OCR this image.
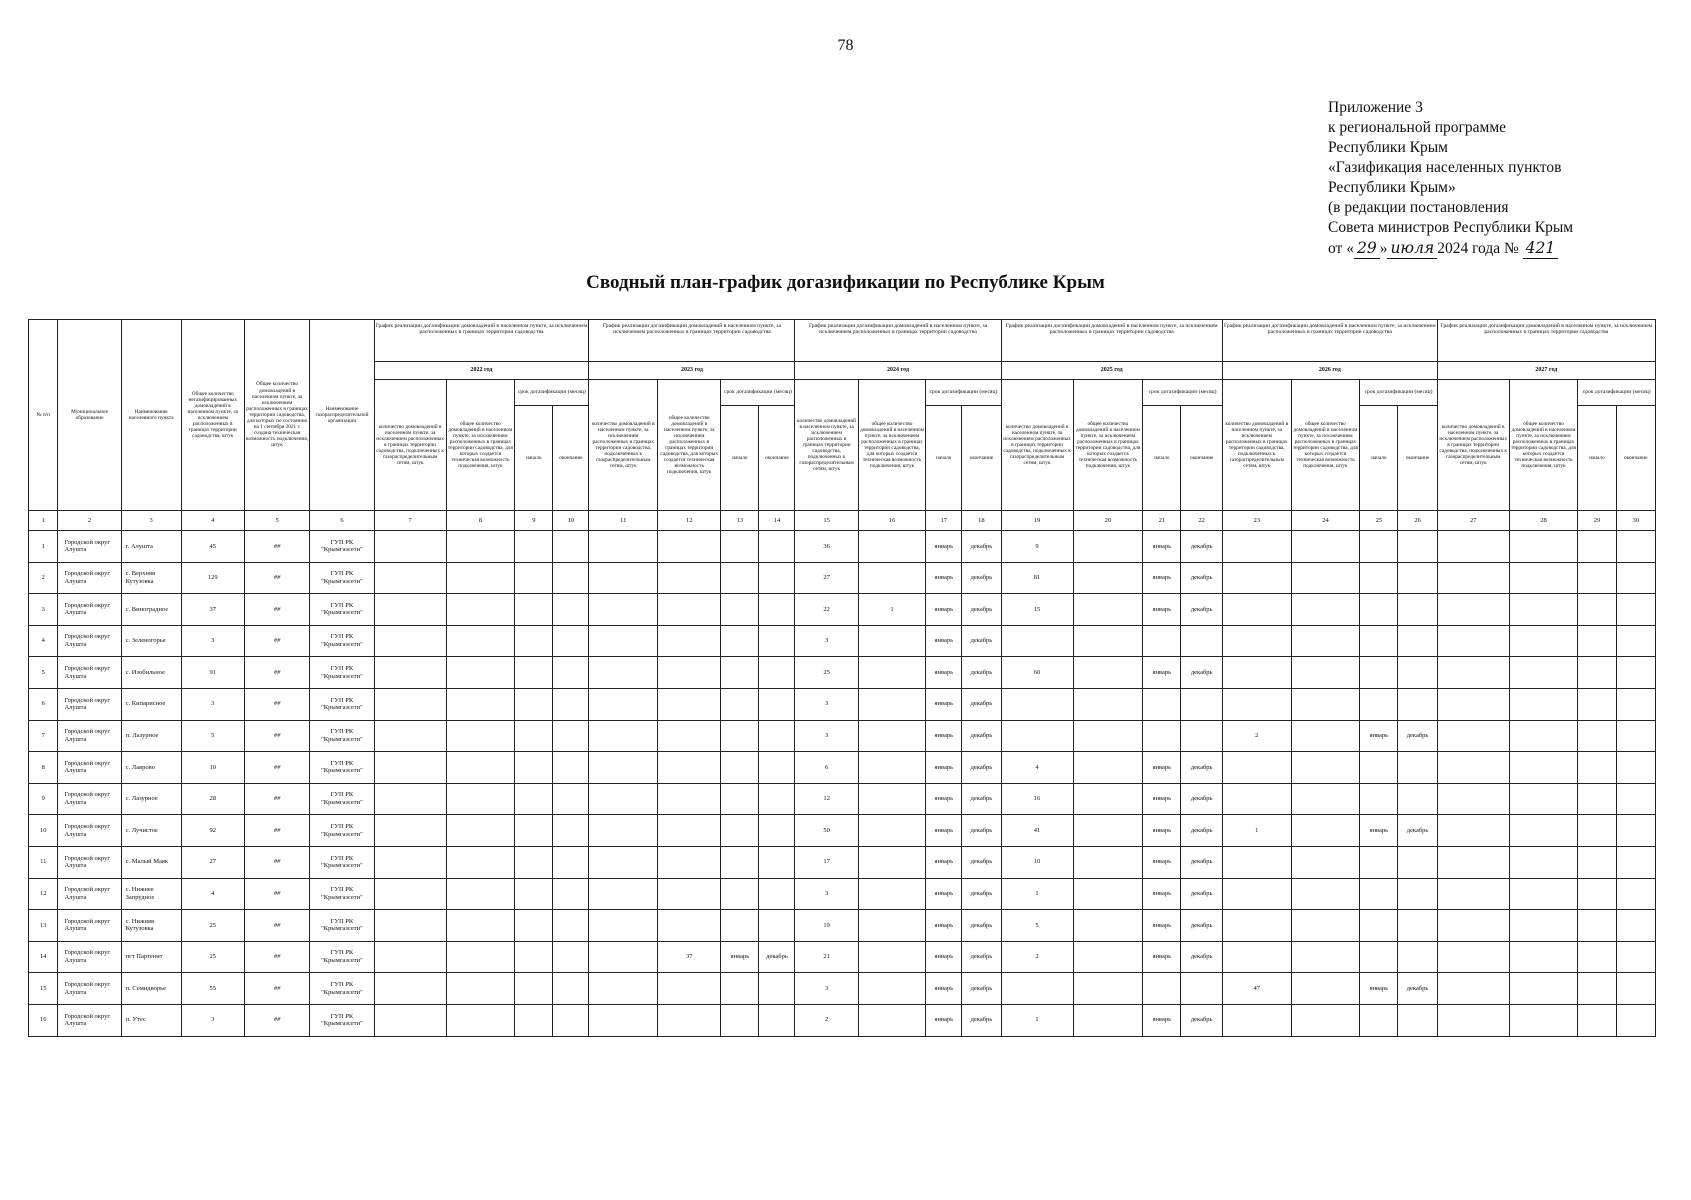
78
Приложение 3
к региональной программе
Республики Крым
«Газификация населенных пунктов
Республики Крым»
(в редакции постановления
Совета министров Республики Крым
от « 29 » июля 2024 года № 421
Сводный план-график догазификации по Республике Крым
№ п/п	Муниципальное образование	Наименование населенного пункта	Общее количество негазифицированных домовладений в населенном пункте, за исключением расположенных в границах территории садоводства, штук	Общее количество домовладений в населенном пункте, за исключением расположенных в границах территории садоводства, для которых по состоянию на 1 сентября 2021 г. создана техническая возможность подключения, штук	Наименование газораспределительной организации	График реализации догазификации домовладений в населенном пункте, за исключением расположенных в границах территории садоводства				График реализации догазификации домовладений в населенном пункте, за исключением расположенных в границах территории садоводства				График реализации догазификации домовладений в населенном пункте, за исключением расположенных в границах территории садоводства				График реализации догазификации домовладений в населенном пункте, за исключением расположенных в границах территории садоводства				График реализации догазификации домовладений в населенном пункте, за исключением расположенных в границах территории садоводства				График реализации догазификации домовладений в населенном пункте, за исключением расположенных в границах территории садоводства			
						2022 год				2023 год				2024 год				2025 год				2026 год				2027 год			
						количество домовладений в населенном пункте, за исключением расположенных в границах территории садоводства, подключенных к газораспределительным сетям, штук	общее количество домовладений в населенном пункте, за исключением расположенных в границах территории садоводства, для которых создается техническая возможность подключения, штук	срок догазификации (месяц)		количество домовладений в населенном пункте, за исключением расположенных в границах территории садоводства, подключенных к газораспределительным сетям, штук	общее количество домовладений в населенном пункте, за исключением расположенных в границах территории садоводства, для которых создается техническая возможность подключения, штук	срок догазификации (месяц)		количество домовладений в населенном пункте, за исключением расположенных в границах территории садоводства, подключенных к газораспределительным сетям, штук	общее количество домовладений в населенном пункте, за исключением расположенных в границах территории садоводства, для которых создается техническая возможность подключения, штук	срок догазификации (месяц)		количество домовладений в населенном пункте, за исключением расположенных в границах территории садоводства, подключенных к газораспределительным сетям, штук	общее количество домовладений в населенном пункте, за исключением расположенных в границах территории садоводства, для которых создается техническая возможность подключения, штук	срок догазификации (месяц)		количество домовладений в населенном пункте, за исключением расположенных в границах территории садоводства, подключенных к газораспределительным сетям, штук	общее количество домовладений в населенном пункте, за исключением расположенных в границах территории садоводства, для которых создается техническая возможность подключения, штук	срок догазификации (месяц)		количество домовладений в населенном пункте, за исключением расположенных в границах территории садоводства, подключенных к газораспределительным сетям, штук	общее количество домовладений в населенном пункте, за исключением расположенных в границах территории садоводства, для которых создается техническая возможность подключения, штук	срок догазификации (месяц)	
								начало	окончание			начало	окончание			начало	окончание			начало	окончание			начало	окончание			начало	окончание
1	2	3	4	5	6	7	8	9	10	11	12	13	14	15	16	17	18	19	20	21	22	23	24	25	26	27	28	29	30
1	Городской округ Алушта	г. Алушта	45	##	ГУП РК "Крымгазсети"									36		январь	декабрь	9		январь	декабрь								
2	Городской округ Алушта	с. Верхняя Кутузовка	129	##	ГУП РК "Крымгазсети"									27		январь	декабрь	81		январь	декабрь								
3	Городской округ Алушта	с. Виноградное	37	##	ГУП РК "Крымгазсети"									22	1	январь	декабрь	15		январь	декабрь								
4	Городской округ Алушта	с. Зеленогорье	3	##	ГУП РК "Крымгазсети"									3		январь	декабрь												
5	Городской округ Алушта	с. Изобильное	91	##	ГУП РК "Крымгазсети"									25		январь	декабрь	60		январь	декабрь								
6	Городской округ Алушта	с. Кипарисное	3	##	ГУП РК "Крымгазсети"									3		январь	декабрь												
7	Городской округ Алушта	п. Лазурное	5	##	ГУП РК "Крымгазсети"									3		январь	декабрь					2		январь	декабрь				
8	Городской округ Алушта	с. Лаврово	10	##	ГУП РК "Крымгазсети"									6		январь	декабрь	4		январь	декабрь								
9	Городской округ Алушта	с. Лазурное	28	##	ГУП РК "Крымгазсети"									12		январь	декабрь	16		январь	декабрь								
10	Городской округ Алушта	с. Лучистое	92	##	ГУП РК "Крымгазсети"									50		январь	декабрь	41		январь	декабрь	1		январь	декабрь				
11	Городской округ Алушта	с. Малый Маяк	27	##	ГУП РК "Крымгазсети"									17		январь	декабрь	10		январь	декабрь								
12	Городской округ Алушта	с. Нижнее Запрудное	4	##	ГУП РК "Крымгазсети"									3		январь	декабрь	1		январь	декабрь								
13	Городской округ Алушта	с. Нижняя Кутузовка	25	##	ГУП РК "Крымгазсети"									19		январь	декабрь	5		январь	декабрь								
14	Городской округ Алушта	пгт Партенит	25	##	ГУП РК "Крымгазсети"						37	январь	декабрь	21		январь	декабрь	2		январь	декабрь								
15	Городской округ Алушта	п. Семидворье	55	##	ГУП РК "Крымгазсети"									3		январь	декабрь					47		январь	декабрь				
16	Городской округ Алушта	п. Утес	3	##	ГУП РК "Крымгазсети"									2		январь	декабрь	1		январь	декабрь								
